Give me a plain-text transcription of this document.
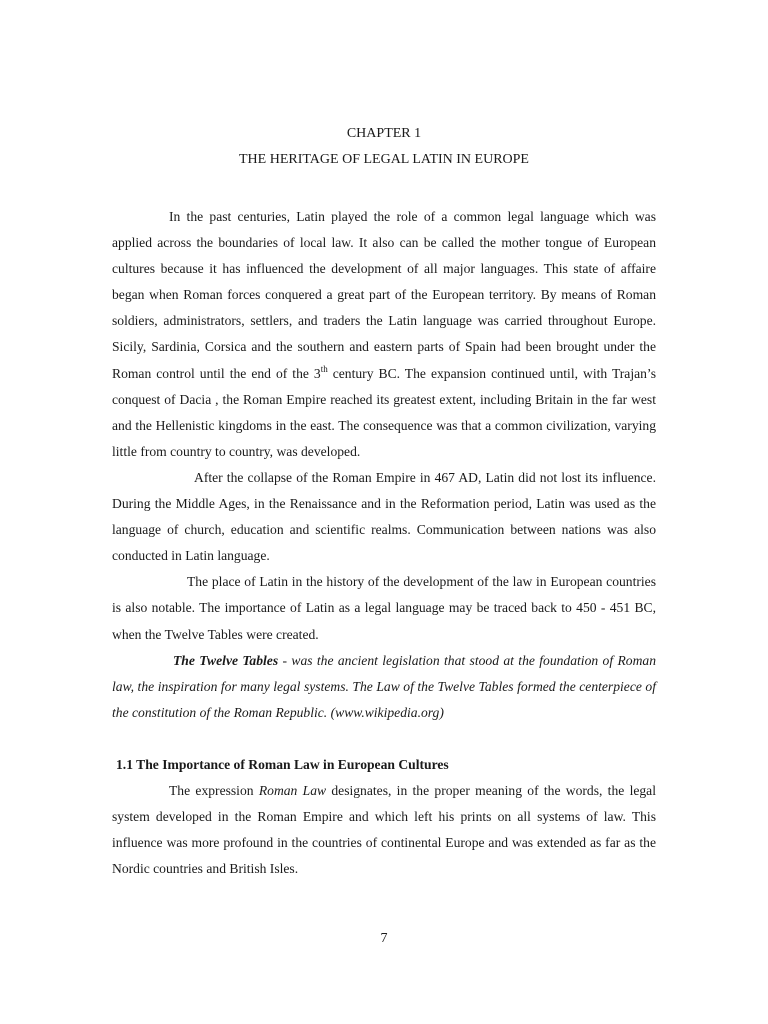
CHAPTER 1
THE HERITAGE OF LEGAL LATIN IN EUROPE

In the past centuries, Latin played the role of a common legal language which was applied across the boundaries of local law. It also can be called the mother tongue of European cultures because it has influenced the development of all major languages. This state of affaire began when Roman forces conquered a great part of the European territory. By means of Roman soldiers, administrators, settlers, and traders the Latin language was carried throughout Europe. Sicily, Sardinia, Corsica and the southern and eastern parts of Spain had been brought under the Roman control until the end of the 3th century BC. The expansion continued until, with Trajan’s conquest of Dacia , the Roman Empire reached its greatest extent, including Britain in the far west and the Hellenistic kingdoms in the east. The consequence was that a common civilization, varying little from country to country, was developed.

After the collapse of the Roman Empire in 467 AD, Latin did not lost its influence. During the Middle Ages, in the Renaissance and in the Reformation period, Latin was used as the language of church, education and scientific realms. Communication between nations was also conducted in Latin language.

The place of Latin in the history of the development of the law in European countries is also notable. The importance of Latin as a legal language may be traced back to 450 - 451 BC, when the Twelve Tables were created.

The Twelve Tables - was the ancient legislation that stood at the foundation of Roman law, the inspiration for many legal systems. The Law of the Twelve Tables formed the centerpiece of the constitution of the Roman Republic. (www.wikipedia.org)

1.1 The Importance of Roman Law in European Cultures

The expression Roman Law designates, in the proper meaning of the words, the legal system developed in the Roman Empire and which left his prints on all systems of law. This influence was more profound in the countries of continental Europe and was extended as far as the Nordic countries and British Isles.

7
